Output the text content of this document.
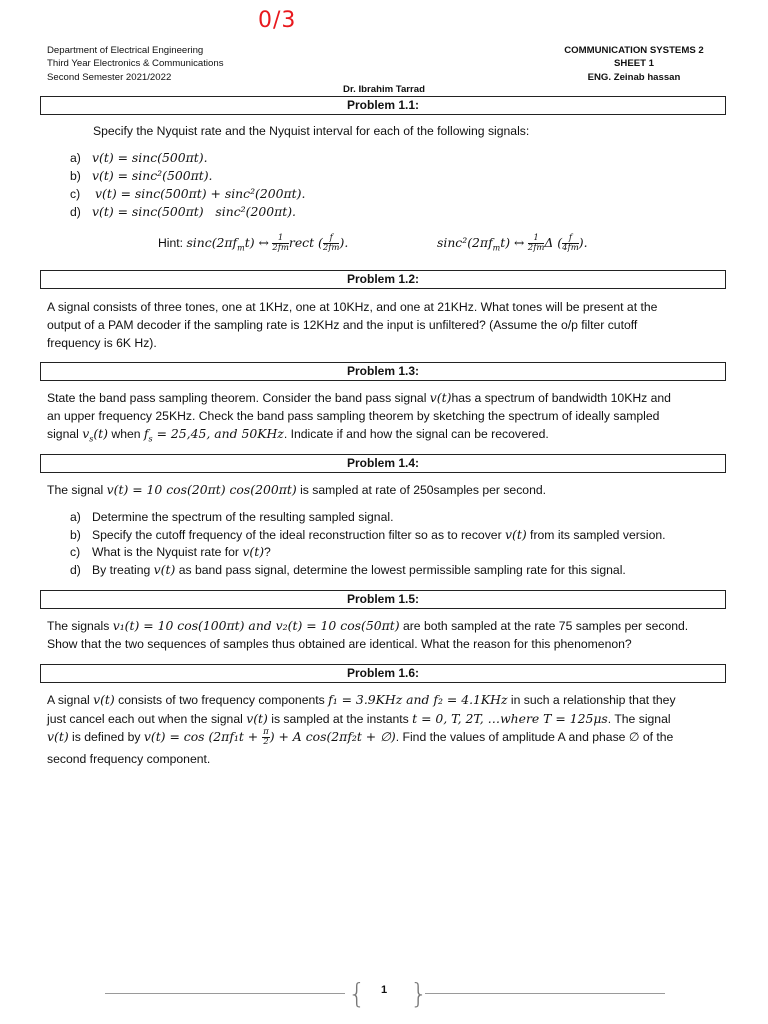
0/3
Department of Electrical Engineering
Third Year Electronics & Communications
Second Semester 2021/2022
COMMUNICATION SYSTEMS 2
SHEET 1
ENG. Zeinab hassan
Dr. Ibrahim Tarrad
Problem 1.1:
Specify the Nyquist rate and the Nyquist interval for each of the following signals:
a) v(t) = sinc(500πt).
b) v(t) = sinc²(500πt).
c) v(t) = sinc(500πt) + sinc²(200πt).
d) v(t) = sinc(500πt)   sinc²(200πt).
Hint: $\sin c(2\pi f_mt)$ ↔ $\frac{1}{2fm}$ rect ( $\frac{f}{2fm}$ ).	$\sin c^2(2\pi f_mt)$ ↔ $\frac{1}{2fm}$ Δ ( $\frac{f}{4fm}$ ).
Problem 1.2:
A signal consists of three tones, one at 1KHz, one at 10KHz, and one at 21KHz. What tones will be present at the
output of a PAM decoder if the sampling rate is 12KHz and the input is unfiltered? (Assume the o/p filter cutoff
frequency is 6K Hz).
Problem 1.3:
State the band pass sampling theorem. Consider the band pass signal v(t)has a spectrum of bandwidth 10KHz and
an upper frequency 25KHz. Check the band pass sampling theorem by sketching the spectrum of ideally sampled
signal $v_s(t)$ when $f_s = 25,45$, and 50KHz. Indicate if and how the signal can be recovered.
Problem 1.4:
The signal v(t) = 10 cos(20πt) cos(200πt) is sampled at rate of 250samples per second.
a) Determine the spectrum of the resulting sampled signal.
b) Specify the cutoff frequency of the ideal reconstruction filter so as to recover v(t) from its sampled version.
c) What is the Nyquist rate for v(t)?
d) By treating v(t) as band pass signal, determine the lowest permissible sampling rate for this signal.
Problem 1.5:
The signals v₁(t) = 10 cos(100πt) and v₂(t) = 10 cos(50πt) are both sampled at the rate 75 samples per second.
Show that the two sequences of samples thus obtained are identical. What the reason for this phenomenon?
Problem 1.6:
A signal v(t) consists of two frequency components f₁ = 3.9KHz and f₂ = 4.1KHz in such a relationship that they
just cancel each out when the signal v(t) is sampled at the instants t = 0, T, 2T, …where T = 125μs. The signal
v(t) is defined by $v(t) = \cos (2\pi f_1t + \frac{\pi}{2}$ ) + A cos(2πf₂t + ∅). Find the values of amplitude A and phase ∅ of the
second frequency component.
{ }
1
